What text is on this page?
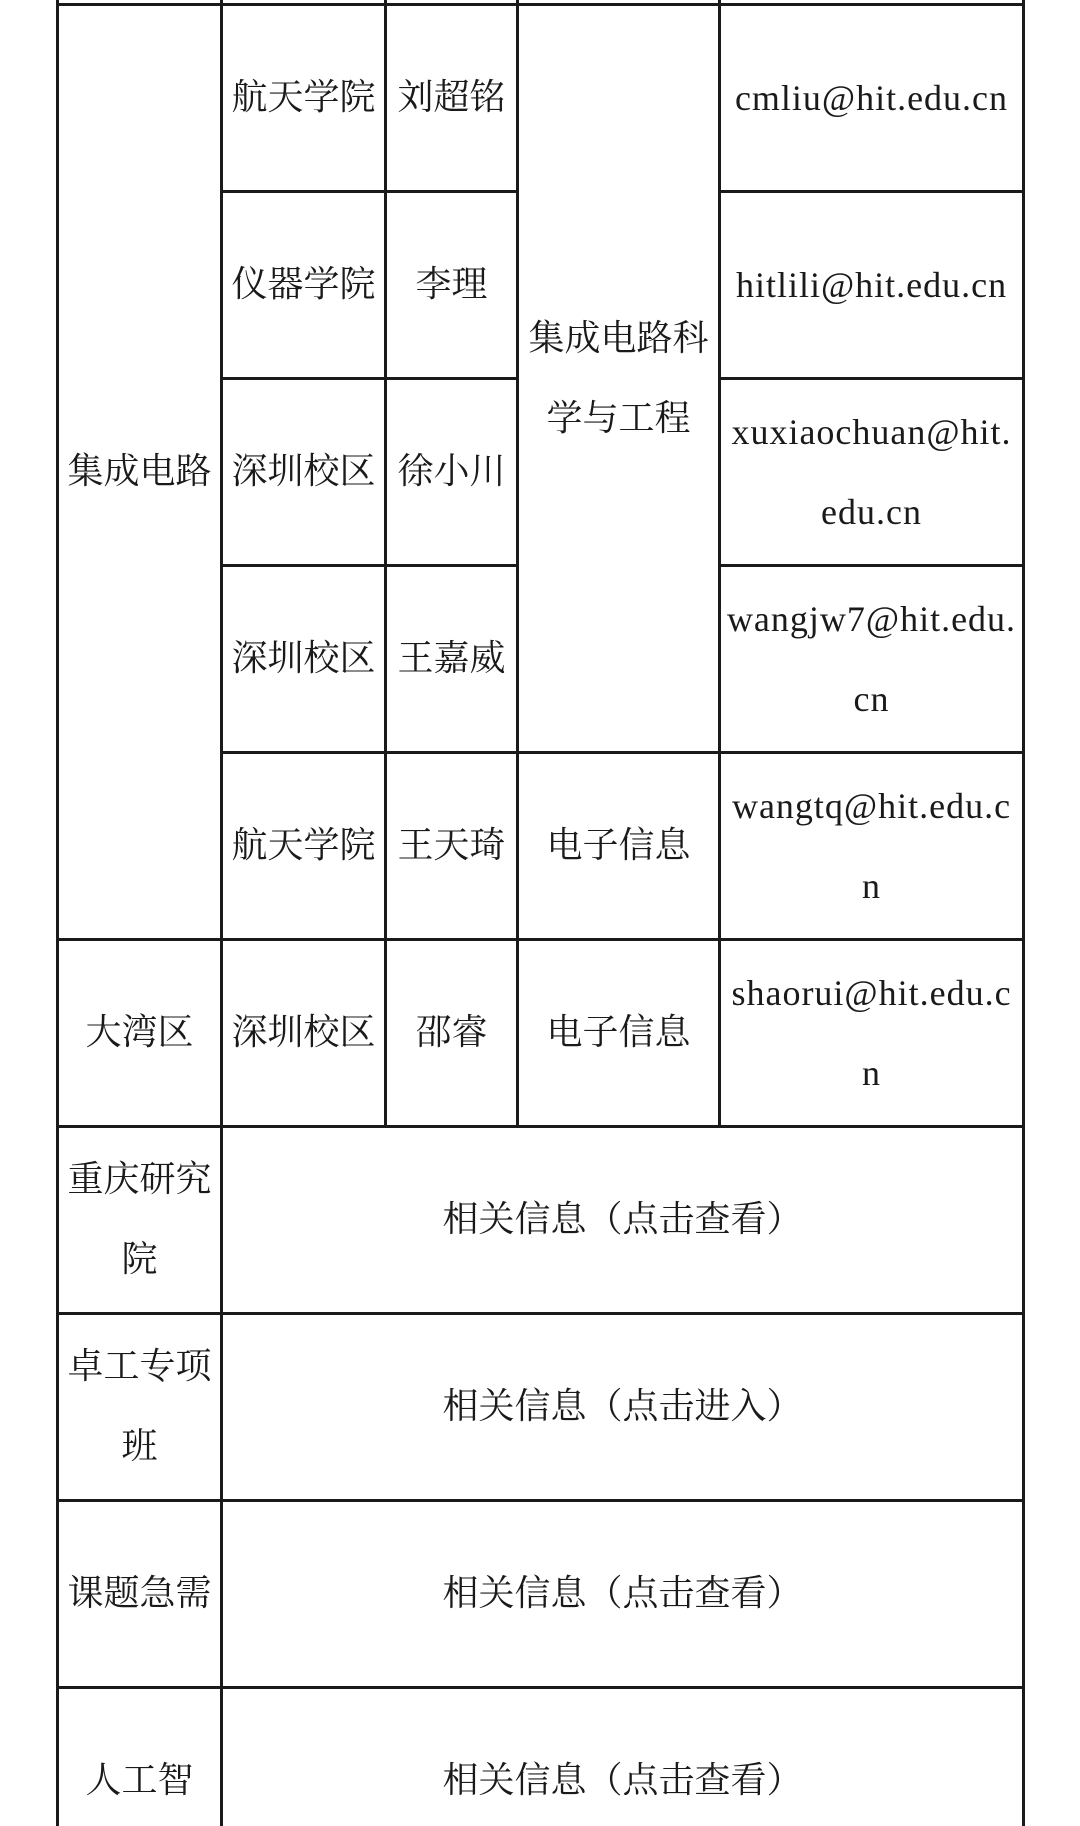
集成电路	航天学院	刘超铭	集成电路科学与工程	cmliu@hit.edu.cn
	仪器学院	李理		hitlili@hit.edu.cn
	深圳校区	徐小川		xuxiaochuan@hit.edu.cn
	深圳校区	王嘉威		wangjw7@hit.edu.cn
	航天学院	王天琦	电子信息	wangtq@hit.edu.cn
大湾区	深圳校区	邵睿	电子信息	shaorui@hit.edu.cn
重庆研究院	相关信息（点击查看）			
卓工专项班	相关信息（点击进入）			
课题急需	相关信息（点击查看）			
人工智	相关信息（点击查看）			
